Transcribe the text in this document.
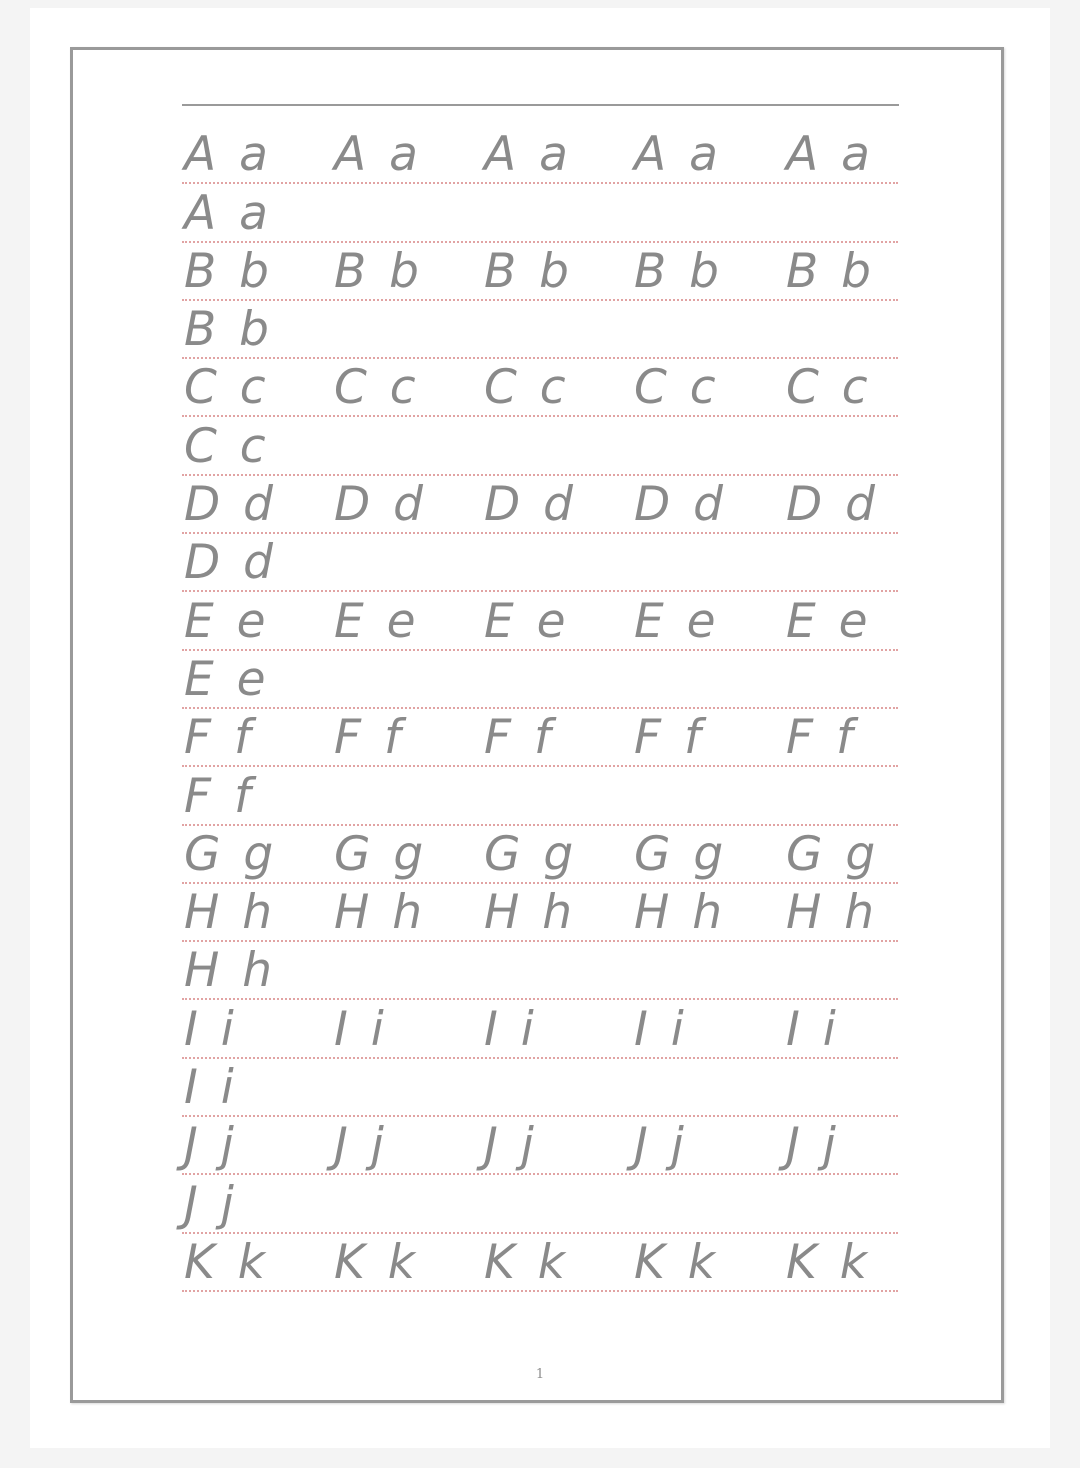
A a A a A a A a A a
A a
B b B b B b B b B b
B b
C c C c C c C c C c
C c
D d D d D d D d D d
D d
E e E e E e E e E e
E e
F f F f F f F f F f
F f
G g G g G g G g G g
H h H h H h H h H h
H h
I i I i I i I i I i
I i
J j J j J j J j J j
J j
K k K k K k K k K k
1
